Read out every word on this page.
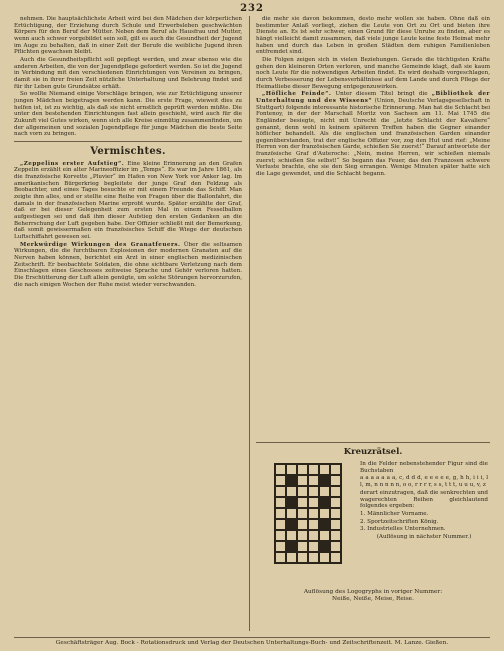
232

nehmen. Die hauptsächlichste Arbeit wird bei den Mädchen der körperlichen Ertüchtigung, der Erziehung durch Schule und Erwerbsleben geschwächten Körpers für den Beruf der Mütter. Neben dem Beruf als Hausfrau und Mutter, wenn auch schwer vorgebildet sein soll, gilt es auch die Gesundheit der Jugend im Auge zu behalten, daß in einer Zeit der Berufe die weibliche Jugend ihren Pflichten gewachsen bleibt.

Auch die Gesundheitspflicht soll gepflegt werden, und zwar ebenso wie die anderen Arbeiten, die von der Jugendpflege gefordert werden. So ist die Jugend in Verbindung mit den verschiedenen Einrichtungen von Vereinen zu bringen, damit sie in ihrer freien Zeit nützliche Unterhaltung und Belehrung findet und für ihr Leben gute Grundsätze erhält.

So wollte Niemand einige Vorschläge bringen, wie zur Ertüchtigung unserer jungen Mädchen beigetragen werden kann. Die erste Frage, wieweit dies zu helfen ist, ist zu wichtig, als daß sie nicht ernstlich geprüft werden müßte. Die unter den bestehenden Einrichtungen fast allein geschieht, wird auch für die Zukunft viel Gutes wirken, wenn sich alle Kreise einmütig zusammenfinden, um der allgemeinen und sozialen Jugendpflege für junge Mädchen die beste Seite nach vorn zu bringen.

Vermischtes.

„Zeppelins erster Aufstieg“. Eine kleine Erinnerung an den Grafen Zeppelin erzählt ein alter Marineoffizier im „Temps“. Es war im Jahre 1861, als die französische Korvette „Pluvier“ im Hafen von New York vor Anker lag. Im amerikanischen Bürgerkrieg begleitete der junge Graf den Feldzug als Beobachter, und eines Tages besuchte er mit einem Freunde das Schiff. Man zeigte ihm alles, und er stellte eine Reihe von Fragen über die Ballonfahrt, die damals in der französischen Marine erprobt wurde. Später erzählte der Graf, daß er bei dieser Gelegenheit zum ersten Mal in einem Fesselballon aufgestiegen sei und daß ihm dieser Aufstieg den ersten Gedanken an die Beherrschung der Luft gegeben habe. Der Offizier schließt mit der Bemerkung, daß somit gewissermaßen ein französisches Schiff die Wiege der deutschen Luftschiffahrt gewesen sei.

Merkwürdige Wirkungen des Granatfeuers. Über die seltsamen Wirkungen, die die furchtbaren Explosionen der modernen Granaten auf die Nerven haben können, berichtet ein Arzt in einer englischen medizinischen Zeitschrift. Er beobachtete Soldaten, die ohne sichtbare Verletzung nach dem Einschlagen eines Geschosses zeitweise Sprache und Gehör verloren hatten. Die Erschütterung der Luft allein genügte, um solche Störungen hervorzurufen, die nach einigen Wochen der Ruhe meist wieder verschwanden.

die mehr sie davon bekommen, desto mehr wollen sie haben. Ohne daß ein bestimmter Anlaß vorliegt, ziehen die Leute von Ort zu Ort und bieten ihre Dienste an. Es ist sehr schwer, einen Grund für diese Unruhe zu finden, aber es hängt vielleicht damit zusammen, daß viele junge Leute keine feste Heimat mehr haben und durch das Leben in großen Städten dem ruhigen Familienleben entfremdet sind.

Die Folgen zeigen sich in vielen Beziehungen. Gerade die tüchtigsten Kräfte gehen den kleineren Orten verloren, und manche Gemeinde klagt, daß sie kaum noch Leute für die notwendigen Arbeiten findet. Es wird deshalb vorgeschlagen, durch Verbesserung der Lebensverhältnisse auf dem Lande und durch Pflege der Heimatliebe dieser Bewegung entgegenzuwirken.

„Höfliche Feinde“. Unter diesem Titel bringt die „Bibliothek der Unterhaltung und des Wissens“ (Union, Deutsche Verlagsgesellschaft in Stuttgart) folgende interessante historische Erinnerung. Man hat die Schlacht bei Fontenoy, in der der Marschall Moritz von Sachsen am 11. Mai 1745 die Engländer besiegte, nicht mit Unrecht die „letzte Schlacht der Kavaliere“ genannt, denn wohl in keinem späteren Treffen haben die Gegner einander höflicher behandelt. Als die englischen und französischen Garden einander gegenüberstanden, trat der englische Offizier vor, zog den Hut und rief: „Meine Herren von der französischen Garde, schießen Sie zuerst!“ Darauf antwortete der französische Graf d'Auteroche: „Nein, meine Herren, wir schießen niemals zuerst; schießen Sie selbst!“ So begann das Feuer, das den Franzosen schwere Verluste brachte, ehe sie den Sieg errangen. Wenige Minuten später hatte sich die Lage gewendet, und die Schlacht begann.

Kreuzrätsel.
In die Felder nebenstehender Figur sind die Buchstaben
a a a a a a a, c, d d d, e e e e e, g, h h, i i i, l l, m, n n n n n, o o, r r r r, s s, t t t, u u u, v, z
derart einzutragen, daß die senkrechten und wagerechten Reihen gleichlautend folgendes ergeben:
1. Männlicher Vorname.
2. Sportzeitschriften König.
3. Industrielles Unternehmen.
(Auflösung in nächster Nummer.)
Auflösung des Logogryphs in voriger Nummer:
Neiße, Neiße, Meise, Reise.
Geschäftsträger Aug. Bock - Rotationsdruck und Verlag der Deutschen Unterhaltungs-Buch- und Zeitschriftenzeit. M. Lanze. Gießen.
